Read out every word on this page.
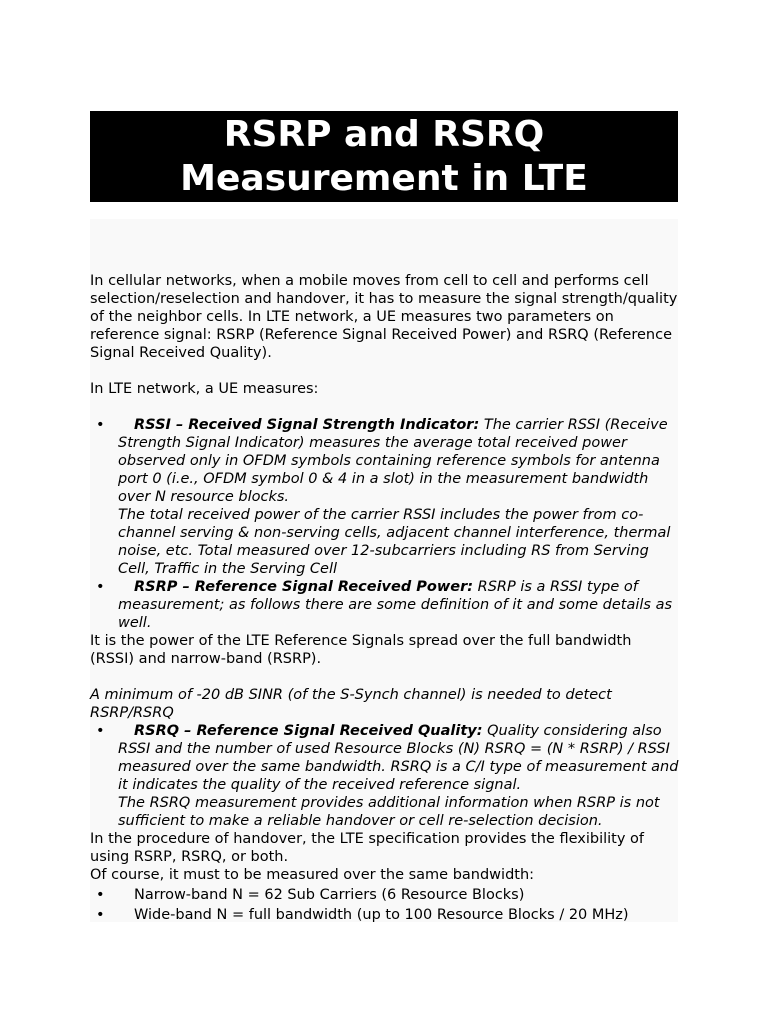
RSRP and RSRQ
Measurement in LTE

In cellular networks, when a mobile moves from cell to cell and performs cell selection/reselection and handover, it has to measure the signal strength/quality of the neighbor cells. In LTE network, a UE measures two parameters on reference signal: RSRP (Reference Signal Received Power) and RSRQ (Reference Signal Received Quality).

In LTE network, a UE measures:

• RSSI – Received Signal Strength Indicator: The carrier RSSI (Receive Strength Signal Indicator) measures the average total received power observed only in OFDM symbols containing reference symbols for antenna port 0 (i.e., OFDM symbol 0 & 4 in a slot) in the measurement bandwidth over N resource blocks.
The total received power of the carrier RSSI includes the power from co-channel serving & non-serving cells, adjacent channel interference, thermal noise, etc. Total measured over 12-subcarriers including RS from Serving Cell, Traffic in the Serving Cell
• RSRP – Reference Signal Received Power: RSRP is a RSSI type of measurement; as follows there are some definition of it and some details as well.

It is the power of the LTE Reference Signals spread over the full bandwidth (RSSI) and narrow-band (RSRP).

A minimum of -20 dB SINR (of the S-Synch channel) is needed to detect RSRP/RSRQ

• RSRQ – Reference Signal Received Quality: Quality considering also RSSI and the number of used Resource Blocks (N) RSRQ = (N * RSRP) / RSSI measured over the same bandwidth. RSRQ is a C/I type of measurement and it indicates the quality of the received reference signal.
The RSRQ measurement provides additional information when RSRP is not sufficient to make a reliable handover or cell re-selection decision.

In the procedure of handover, the LTE specification provides the flexibility of using RSRP, RSRQ, or both.

Of course, it must to be measured over the same bandwidth:

• Narrow-band N = 62 Sub Carriers (6 Resource Blocks)
• Wide-band N = full bandwidth (up to 100 Resource Blocks / 20 MHz)
